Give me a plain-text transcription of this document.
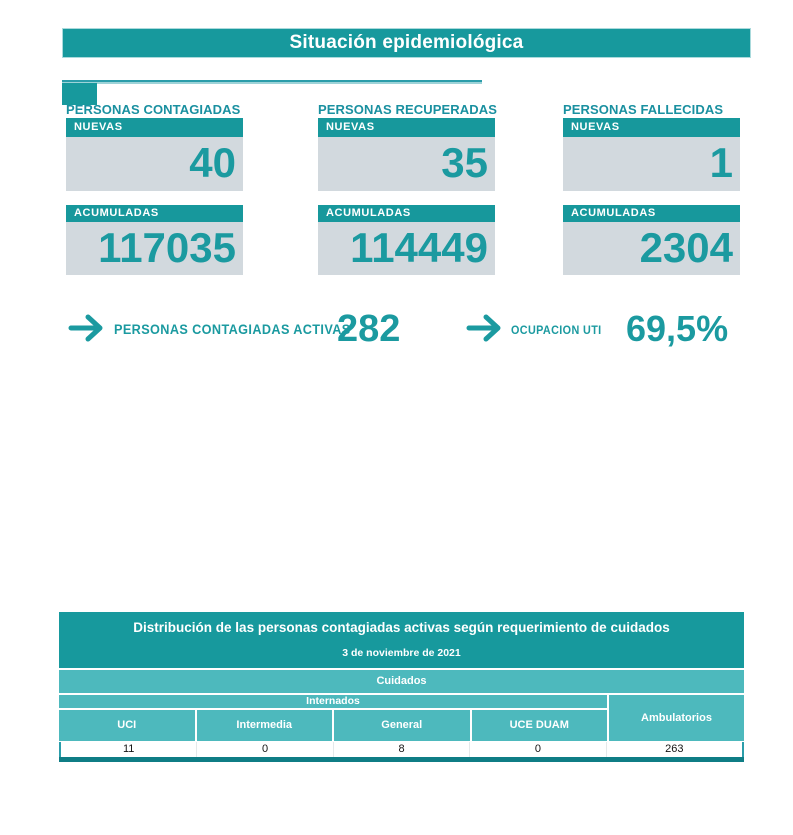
Situación epidemiológica
PERSONAS CONTAGIADAS
NUEVAS
40
ACUMULADAS
117035
PERSONAS RECUPERADAS
NUEVAS
35
ACUMULADAS
114449
PERSONAS FALLECIDAS
NUEVAS
1
ACUMULADAS
2304
PERSONAS CONTAGIADAS ACTIVAS
282	OCUPACION UTI 69,5%
Distribución de las personas contagiadas activas según requerimiento de cuidados
3 de noviembre de 2021
Cuidados
Internados
UCI	Intermedia	General	UCE DUAM
Ambulatorios
11	0	8	0	263
